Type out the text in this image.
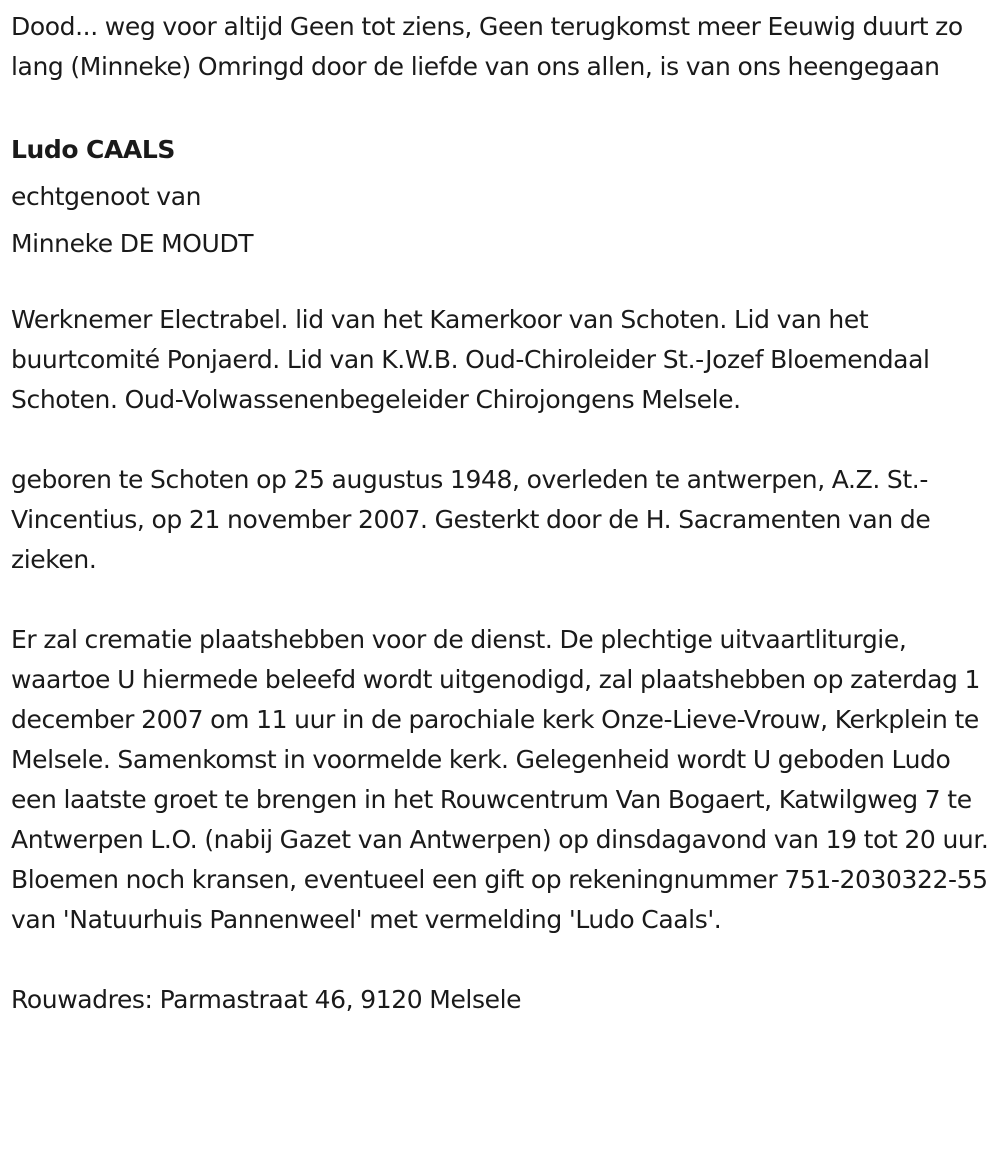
Dood... weg voor altijd Geen tot ziens, Geen terugkomst meer Eeuwig duurt zo lang (Minneke) Omringd door de liefde van ons allen, is van ons heengegaan

Ludo CAALS

echtgenoot van

Minneke DE MOUDT

Werknemer Electrabel. lid van het Kamerkoor van Schoten. Lid van het buurtcomité Ponjaerd. Lid van K.W.B. Oud-Chiroleider St.-Jozef Bloemendaal Schoten. Oud-Volwassenenbegeleider Chirojongens Melsele.

geboren te Schoten op 25 augustus 1948, overleden te antwerpen, A.Z. St.-Vincentius, op 21 november 2007. Gesterkt door de H. Sacramenten van de zieken.

Er zal crematie plaatshebben voor de dienst. De plechtige uitvaartliturgie, waartoe U hiermede beleefd wordt uitgenodigd, zal plaatshebben op zaterdag 1 december 2007 om 11 uur in de parochiale kerk Onze-Lieve-Vrouw, Kerkplein te Melsele. Samenkomst in voormelde kerk. Gelegenheid wordt U geboden Ludo een laatste groet te brengen in het Rouwcentrum Van Bogaert, Katwilgweg 7 te Antwerpen L.O. (nabij Gazet van Antwerpen) op dinsdagavond van 19 tot 20 uur. Bloemen noch kransen, eventueel een gift op rekeningnummer 751-2030322-55 van 'Natuurhuis Pannenweel' met vermelding 'Ludo Caals'.

Rouwadres: Parmastraat 46, 9120 Melsele
